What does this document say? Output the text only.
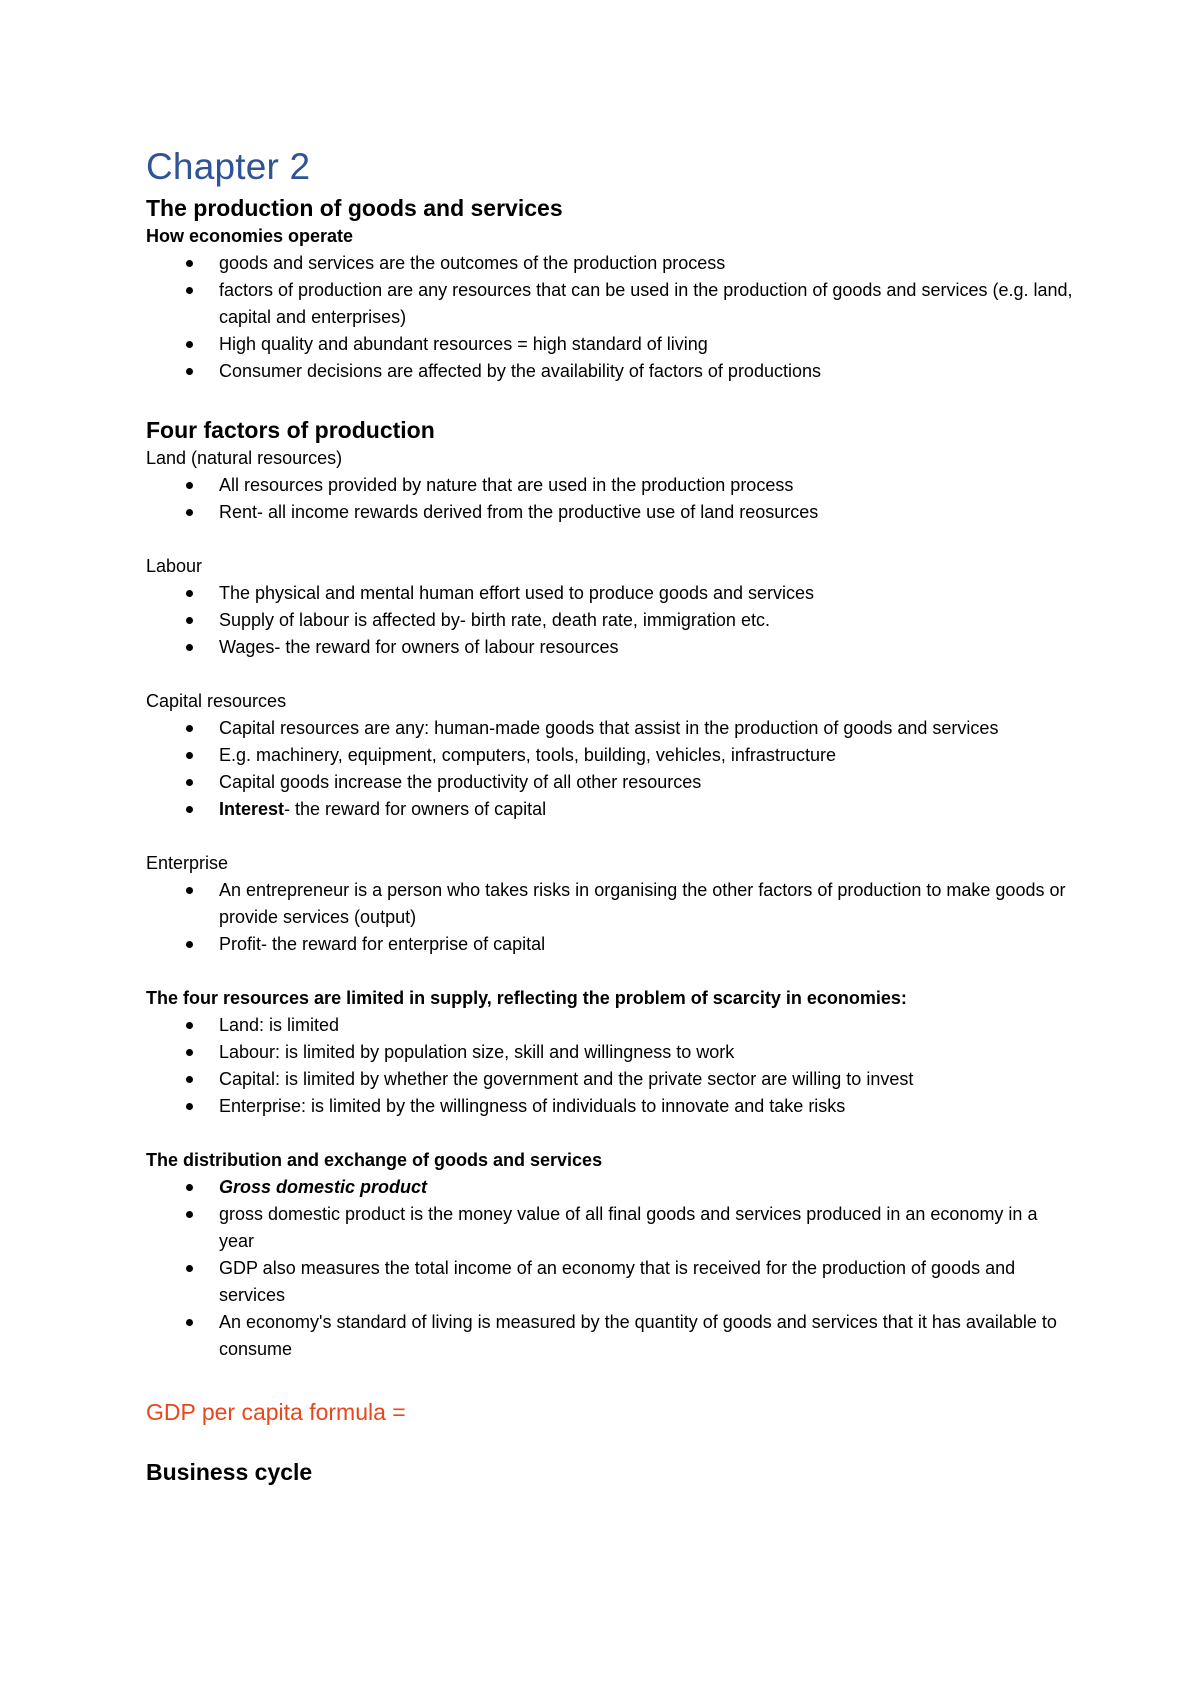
Chapter 2
The production of goods and services
How economies operate
goods and services are the outcomes of the production process
factors of production are any resources that can be used in the production of goods and services (e.g. land, capital and enterprises)
High quality and abundant resources = high standard of living
Consumer decisions are affected by the availability of factors of productions
Four factors of production
Land (natural resources)
All resources provided by nature that are used in the production process
Rent- all income rewards derived from the productive use of land reosurces
Labour
The physical and mental human effort used to produce goods and services
Supply of labour is affected by- birth rate, death rate, immigration etc.
Wages- the reward for owners of labour resources
Capital resources
Capital resources are any: human-made goods that assist in the production of goods and services
E.g. machinery, equipment, computers, tools, building, vehicles, infrastructure
Capital goods increase the productivity of all other resources
Interest- the reward for owners of capital
Enterprise
An entrepreneur is a person who takes risks in organising the other factors of production to make goods or provide services (output)
Profit- the reward for enterprise of capital
The four resources are limited in supply, reflecting the problem of scarcity in economies:
Land: is limited
Labour: is limited by population size, skill and willingness to work
Capital: is limited by whether the government and the private sector are willing to invest
Enterprise: is limited by the willingness of individuals to innovate and take risks
The distribution and exchange of goods and services
Gross domestic product
gross domestic product is the money value of all final goods and services produced in an economy in a year
GDP also measures the total income of an economy that is received for the production of goods and services
An economy's standard of living is measured by the quantity of goods and services that it has available to consume
GDP per capita formula =
Business cycle
